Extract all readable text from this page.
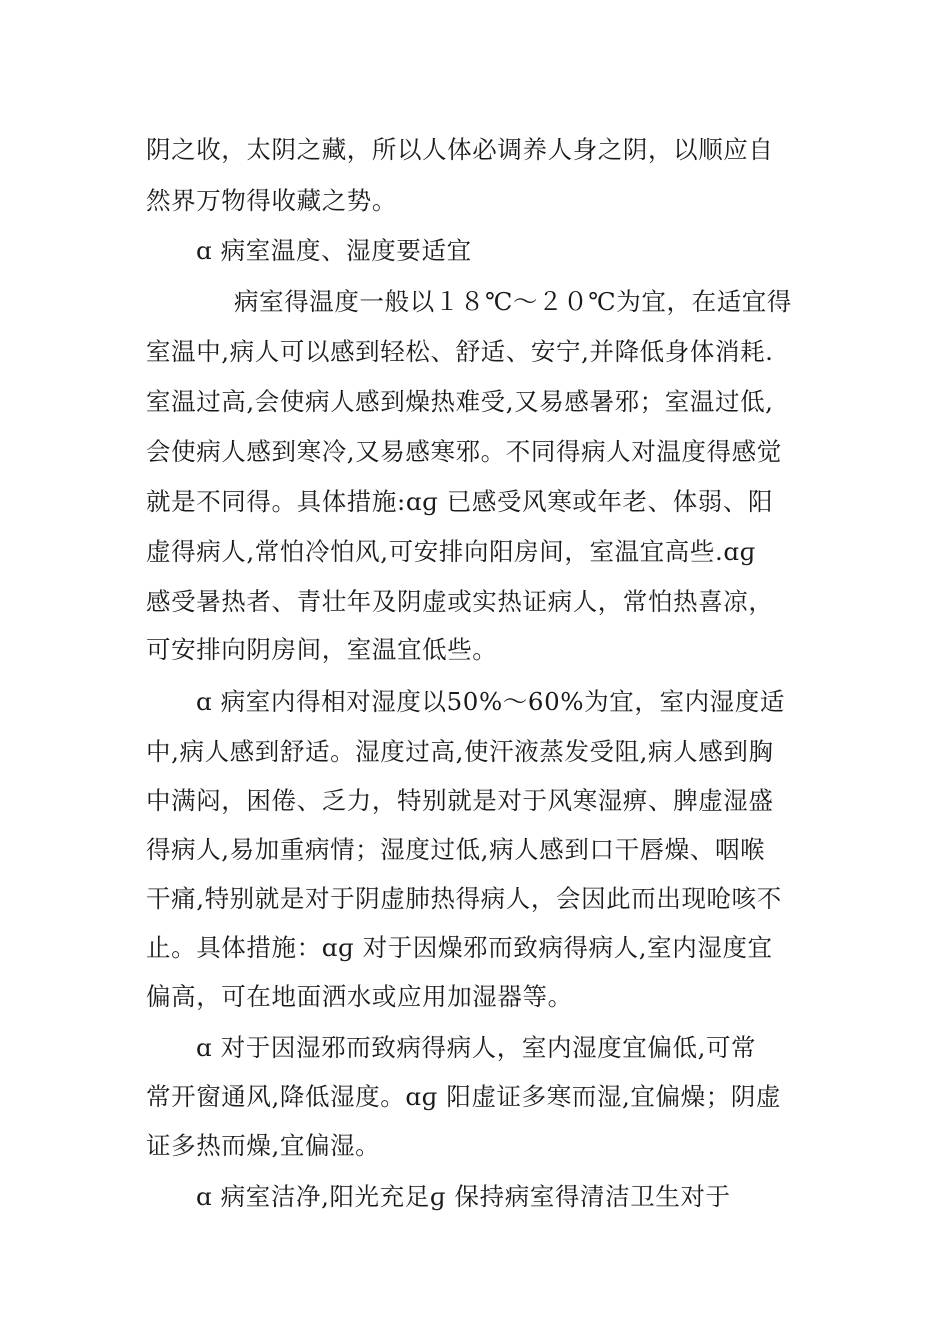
阴之收，太阴之藏，所以人体必调养人身之阴，以顺应自
然界万物得收藏之势。
ɑ 病室温度、湿度要适宜
病室得温度一般以１８℃～２０℃为宜，在适宜得
室温中,病人可以感到轻松、舒适、安宁,并降低身体消耗.
室温过高,会使病人感到燥热难受,又易感暑邪；室温过低,
会使病人感到寒冷,又易感寒邪。不同得病人对温度得感觉
就是不同得。具体措施:ɑɡ 已感受风寒或年老、体弱、阳
虚得病人,常怕冷怕风,可安排向阳房间，室温宜高些.ɑɡ
感受暑热者、青壮年及阴虚或实热证病人，常怕热喜凉，
可安排向阴房间，室温宜低些。
ɑ 病室内得相对湿度以50%～60%为宜，室内湿度适
中,病人感到舒适。湿度过高,使汗液蒸发受阻,病人感到胸
中满闷，困倦、乏力，特别就是对于风寒湿痹、脾虚湿盛
得病人,易加重病情；湿度过低,病人感到口干唇燥、咽喉
干痛,特别就是对于阴虚肺热得病人，会因此而出现呛咳不
止。具体措施：ɑɡ 对于因燥邪而致病得病人,室内湿度宜
偏高，可在地面洒水或应用加湿器等。
ɑ 对于因湿邪而致病得病人，室内湿度宜偏低,可常
常开窗通风,降低湿度。ɑɡ 阳虚证多寒而湿,宜偏燥；阴虚
证多热而燥,宜偏湿。
ɑ 病室洁净,阳光充足ɡ 保持病室得清洁卫生对于
